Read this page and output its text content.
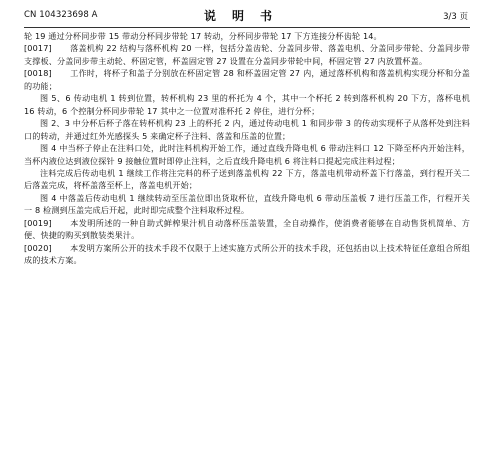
CN 104323698 A	说　明　书	3/3 页

轮 19 通过分杯同步带 15 带动分杯同步带轮 17 转动，分杯同步带轮 17 下方连接分杯齿轮 14。

[0017] 落盖机构 22 结构与落杯机构 20 一样，包括分盖齿轮、分盖同步带、落盖电机、分盖同步带轮、分盖同步带支撑板、分盖同步带主动轮、杯固定管，杯盖固定管 27 设置在分盖同步带轮中间，杯固定管 27 内放置杯盖。

[0018] 工作时，将杯子和盖子分别放在杯固定管 28 和杯盖固定管 27 内，通过落杯机构和落盖机构实现分杯和分盖的功能；

图 5、6 传动电机 1 转到位置，转杯机构 23 里的杯托为 4 个，其中一个杯托 2 转到落杯机构 20 下方，落杯电机 16 转动，6 个控制分杯同步带轮 17 其中之一位置对准杯托 2 停住，进行分杯；

图 2、3 中分杯后杯子落在转杯机构 23 上的杯托 2 内，通过传动电机 1 和同步带 3 的传动实现杯子从落杯处到注料口的转动，并通过红外光感探头 5 来确定杯子注料、落盖和压盖的位置；

图 4 中当杯子停止在注料口处，此时注料机构开始工作，通过直线升降电机 6 带动注料口 12 下降至杯内开始注料，当杯内液位达到液位探针 9 接触位置时即停止注料，之后直线升降电机 6 将注料口提起完成注料过程；

注料完成后传动电机 1 继续工作将注完料的杯子送到落盖机构 22 下方，落盖电机带动杯盖下行落盖，到行程开关二后落盖完成，将杯盖落至杯上，落盖电机开始；

图 4 中落盖后传动电机 1 继续转动至压盖位即出货取杯位，直线升降电机 6 带动压盖板 7 进行压盖工作，行程开关一 8 检测到压盖完成后开起，此时即完成整个注料取杯过程。

[0019] 本发明所述的一种自助式鲜榨果汁机自动落杯压盖装置，全自动操作，使消费者能够在自动售货机简单、方便、快捷的购买到散装类果汁。

[0020] 本发明方案所公开的技术手段不仅限于上述实施方式所公开的技术手段，还包括由以上技术特征任意组合所组成的技术方案。
